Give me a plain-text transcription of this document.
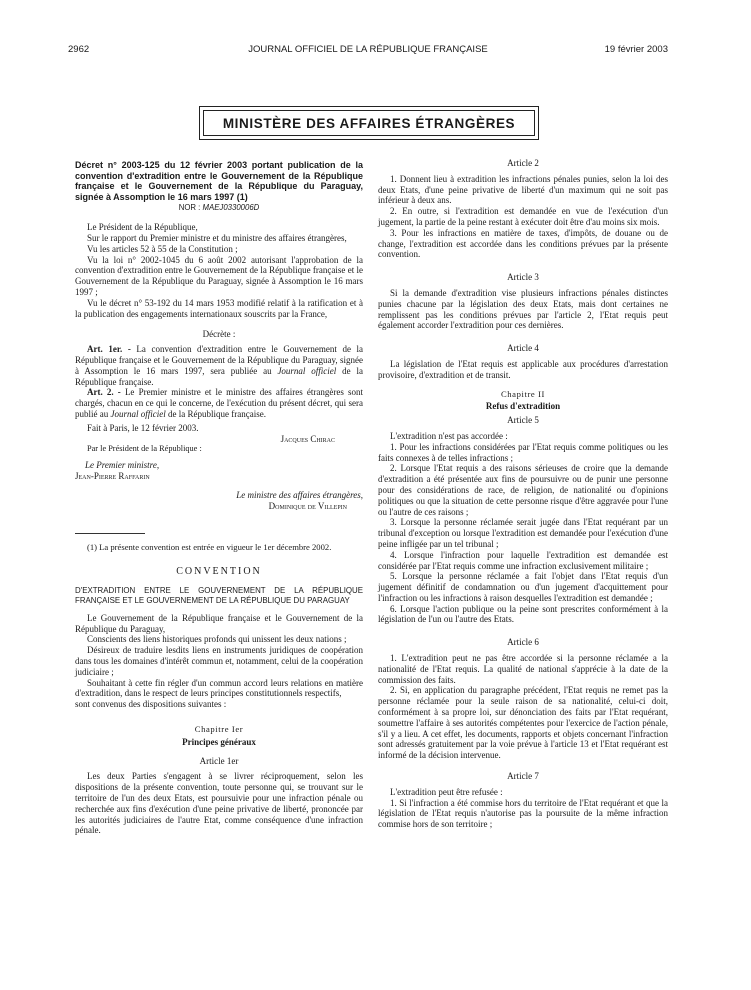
2962	JOURNAL OFFICIEL DE LA RÉPUBLIQUE FRANÇAISE	19 février 2003
MINISTÈRE DES AFFAIRES ÉTRANGÈRES

Décret n° 2003-125 du 12 février 2003 portant publication de la convention d'extradition entre le Gouvernement de la République française et le Gouvernement de la République du Paraguay, signée à Assomption le 16 mars 1997 (1)

NOR : MAEJ0330006D

Le Président de la République,

Sur le rapport du Premier ministre et du ministre des affaires étrangères,

Vu les articles 52 à 55 de la Constitution ;

Vu la loi n° 2002-1045 du 6 août 2002 autorisant l'approbation de la convention d'extradition entre le Gouvernement de la République française et le Gouvernement de la République du Paraguay, signée à Assomption le 16 mars 1997 ;

Vu le décret n° 53-192 du 14 mars 1953 modifié relatif à la ratification et à la publication des engagements internationaux souscrits par la France,

Décrète :

Art. 1er. - La convention d'extradition entre le Gouvernement de la République française et le Gouvernement de la République du Paraguay, signée à Assomption le 16 mars 1997, sera publiée au Journal officiel de la République française.

Art. 2. - Le Premier ministre et le ministre des affaires étrangères sont chargés, chacun en ce qui le concerne, de l'exécution du présent décret, qui sera publié au Journal officiel de la République française.

Fait à Paris, le 12 février 2003.

Jacques Chirac

Par le Président de la République :

Le Premier ministre,

Jean-Pierre Raffarin

Le ministre des affaires étrangères,

Dominique de Villepin

(1) La présente convention est entrée en vigueur le 1er décembre 2002.

CONVENTION

D'EXTRADITION ENTRE LE GOUVERNEMENT DE LA RÉPUBLIQUE FRANÇAISE ET LE GOUVERNEMENT DE LA RÉPUBLIQUE DU PARAGUAY

Le Gouvernement de la République française et le Gouvernement de la République du Paraguay,

Conscients des liens historiques profonds qui unissent les deux nations ;

Désireux de traduire lesdits liens en instruments juridiques de coopération dans tous les domaines d'intérêt commun et, notamment, celui de la coopération judiciaire ;

Souhaitant à cette fin régler d'un commun accord leurs relations en matière d'extradition, dans le respect de leurs principes constitutionnels respectifs,

sont convenus des dispositions suivantes :

Chapitre Ier

Principes généraux

Article 1er

Les deux Parties s'engagent à se livrer réciproquement, selon les dispositions de la présente convention, toute personne qui, se trouvant sur le territoire de l'un des deux Etats, est poursuivie pour une infraction pénale ou recherchée aux fins d'exécution d'une peine privative de liberté, prononcée par les autorités judiciaires de l'autre Etat, comme conséquence d'une infraction pénale.

Article 2

1. Donnent lieu à extradition les infractions pénales punies, selon la loi des deux Etats, d'une peine privative de liberté d'un maximum qui ne soit pas inférieur à deux ans.

2. En outre, si l'extradition est demandée en vue de l'exécution d'un jugement, la partie de la peine restant à exécuter doit être d'au moins six mois.

3. Pour les infractions en matière de taxes, d'impôts, de douane ou de change, l'extradition est accordée dans les conditions prévues par la présente convention.

Article 3

Si la demande d'extradition vise plusieurs infractions pénales distinctes punies chacune par la législation des deux Etats, mais dont certaines ne remplissent pas les conditions prévues par l'article 2, l'Etat requis peut également accorder l'extradition pour ces dernières.

Article 4

La législation de l'Etat requis est applicable aux procédures d'arrestation provisoire, d'extradition et de transit.

Chapitre II

Refus d'extradition

Article 5

L'extradition n'est pas accordée :

1. Pour les infractions considérées par l'Etat requis comme politiques ou les faits connexes à de telles infractions ;

2. Lorsque l'Etat requis a des raisons sérieuses de croire que la demande d'extradition a été présentée aux fins de poursuivre ou de punir une personne pour des considérations de race, de religion, de nationalité ou d'opinions politiques ou que la situation de cette personne risque d'être aggravée pour l'une ou l'autre de ces raisons ;

3. Lorsque la personne réclamée serait jugée dans l'Etat requérant par un tribunal d'exception ou lorsque l'extradition est demandée pour l'exécution d'une peine infligée par un tel tribunal ;

4. Lorsque l'infraction pour laquelle l'extradition est demandée est considérée par l'Etat requis comme une infraction exclusivement militaire ;

5. Lorsque la personne réclamée a fait l'objet dans l'Etat requis d'un jugement définitif de condamnation ou d'un jugement d'acquittement pour l'infraction ou les infractions à raison desquelles l'extradition est demandée ;

6. Lorsque l'action publique ou la peine sont prescrites conformément à la législation de l'un ou l'autre des Etats.

Article 6

1. L'extradition peut ne pas être accordée si la personne réclamée a la nationalité de l'Etat requis. La qualité de national s'apprécie à la date de la commission des faits.

2. Si, en application du paragraphe précédent, l'Etat requis ne remet pas la personne réclamée pour la seule raison de sa nationalité, celui-ci doit, conformément à sa propre loi, sur dénonciation des faits par l'Etat requérant, soumettre l'affaire à ses autorités compétentes pour l'exercice de l'action pénale, s'il y a lieu. A cet effet, les documents, rapports et objets concernant l'infraction sont adressés gratuitement par la voie prévue à l'article 13 et l'Etat requérant est informé de la décision intervenue.

Article 7

L'extradition peut être refusée :

1. Si l'infraction a été commise hors du territoire de l'Etat requérant et que la législation de l'Etat requis n'autorise pas la poursuite de la même infraction commise hors de son territoire ;
